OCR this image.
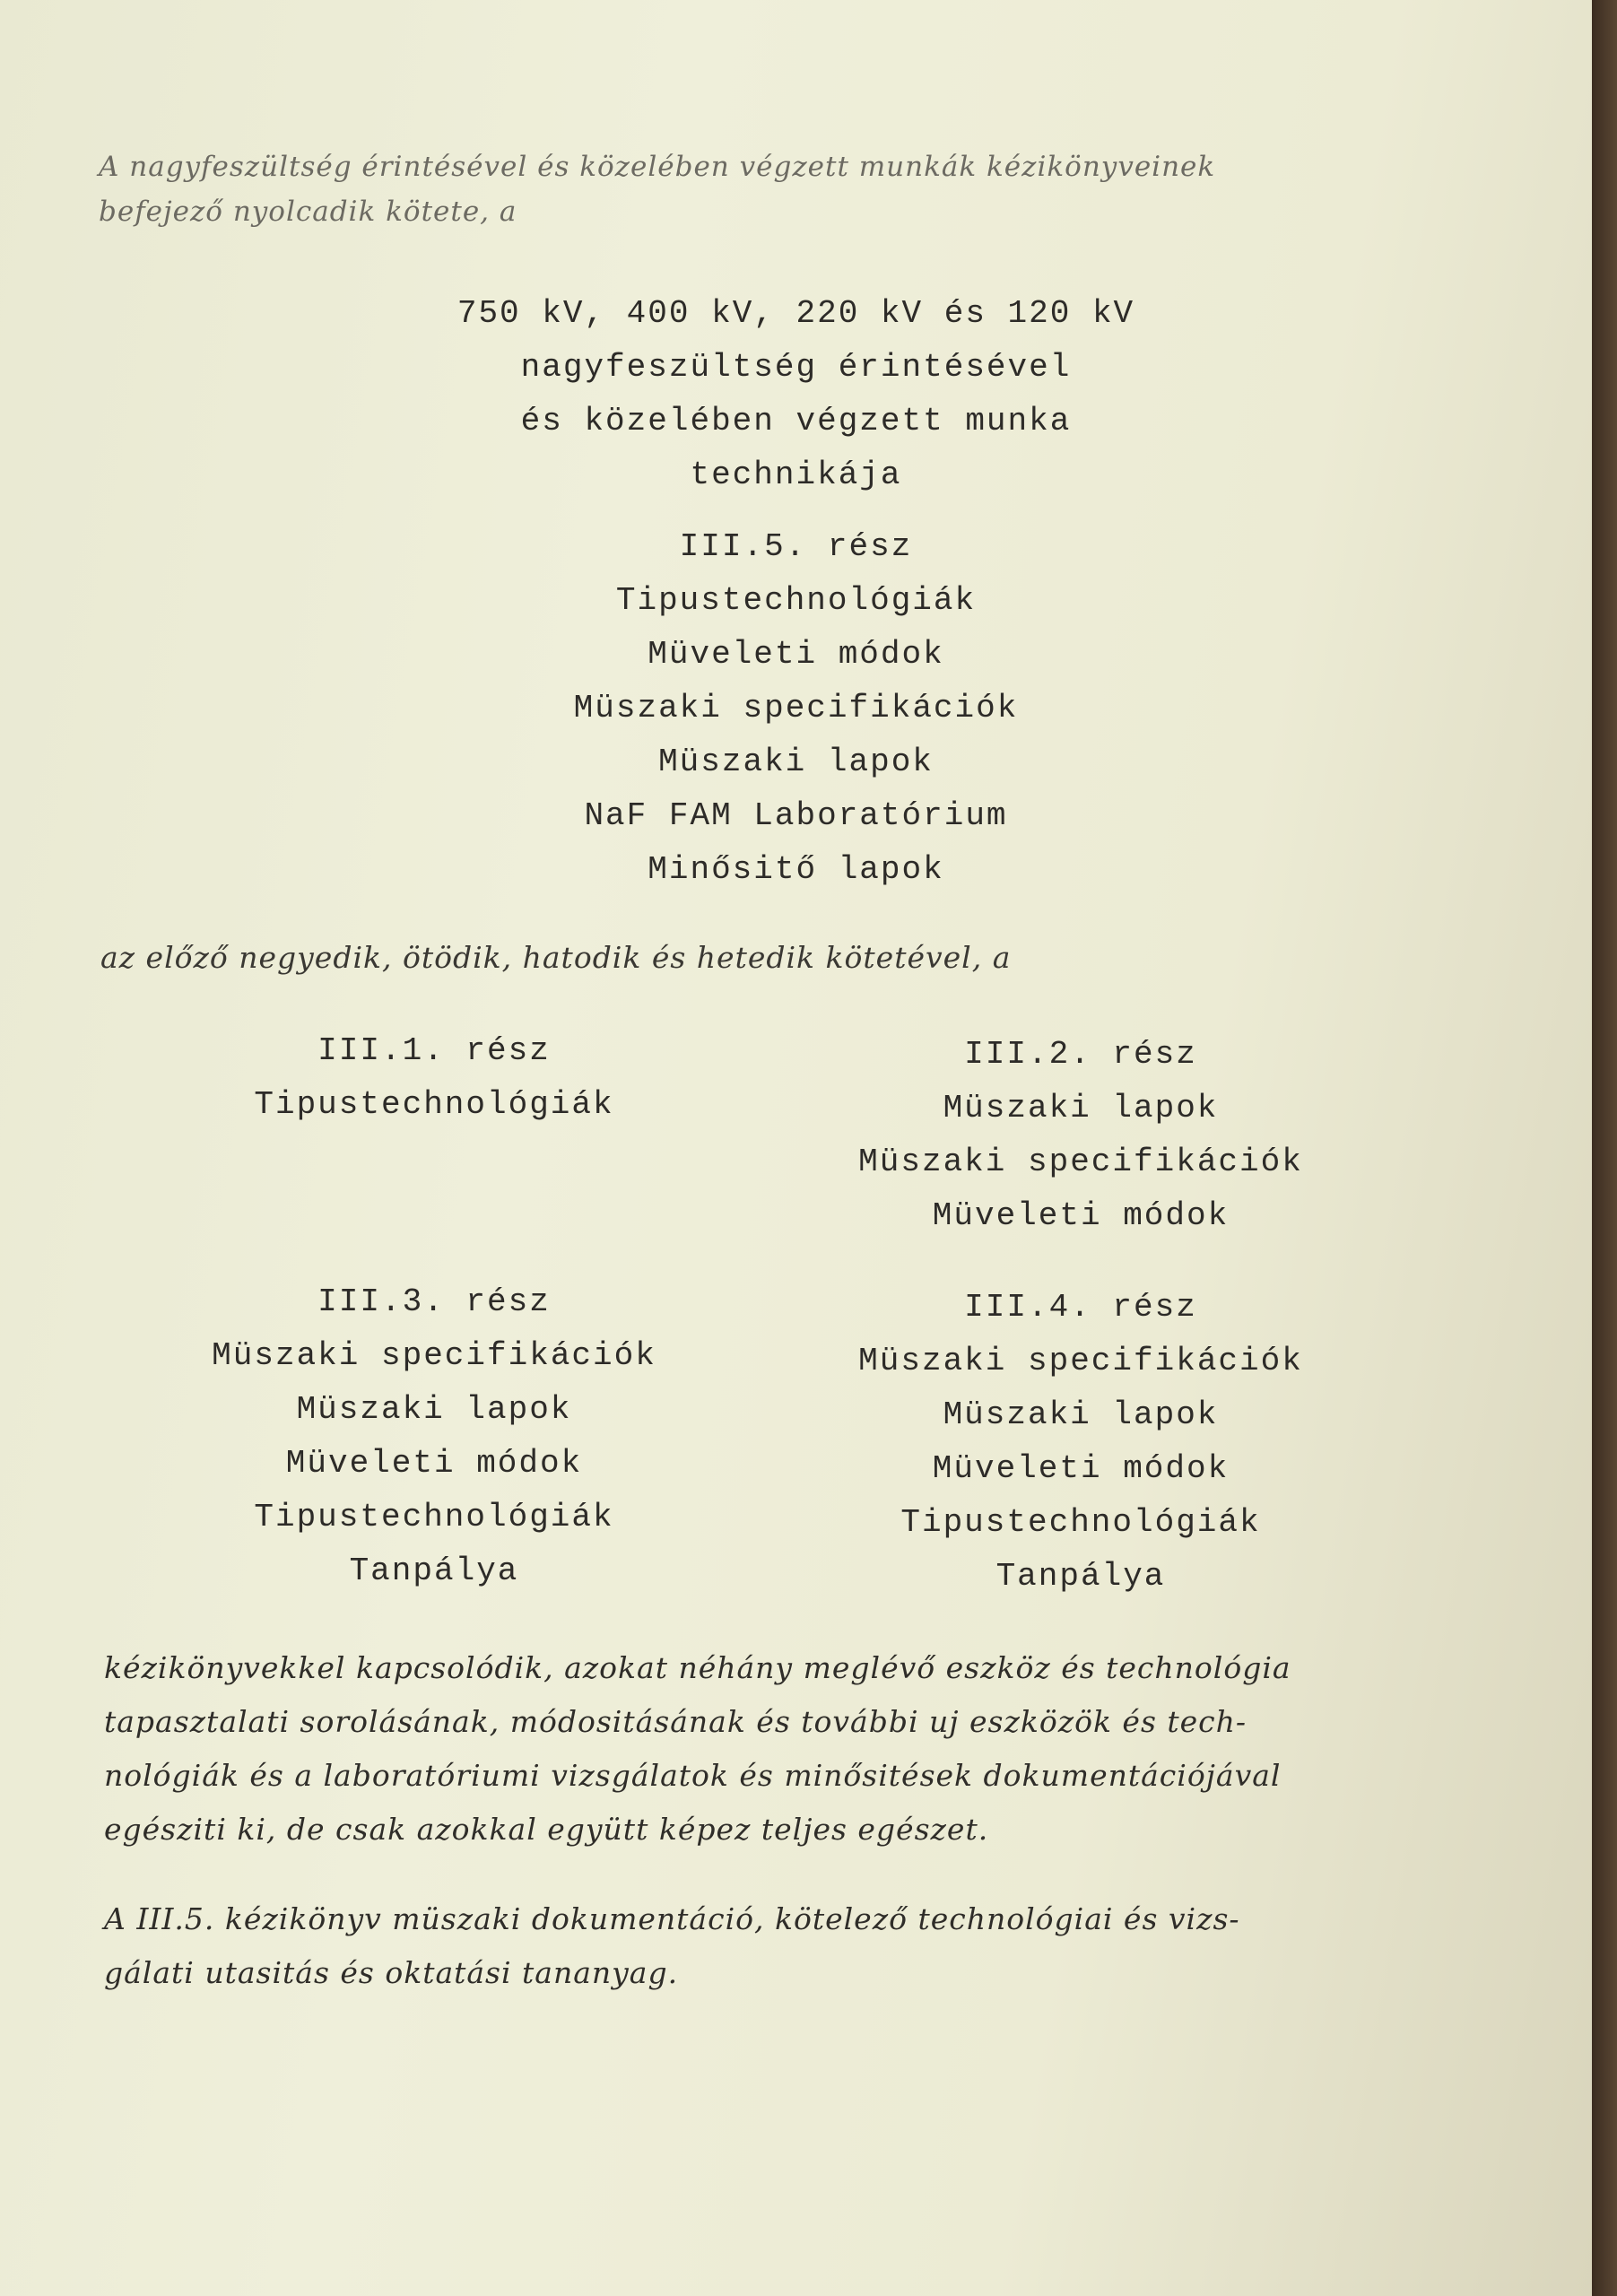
A nagyfeszültség érintésével és közelében végzett munkák kézikönyveinek
befejező nyolcadik kötete, a
750 kV, 400 kV, 220 kV és 120 kV
nagyfeszültség érintésével
és közelében végzett munka
technikája
III.5. rész
Tipustechnológiák
Müveleti módok
Müszaki specifikációk
Müszaki lapok
NaF FAM Laboratórium
Minősitő lapok
az előző negyedik, ötödik, hatodik és hetedik kötetével, a
III.1. rész
Tipustechnológiák
III.2. rész
Müszaki lapok
Müszaki specifikációk
Müveleti módok
III.3. rész
Müszaki specifikációk
Müszaki lapok
Müveleti módok
Tipustechnológiák
Tanpálya
III.4. rész
Müszaki specifikációk
Müszaki lapok
Müveleti módok
Tipustechnológiák
Tanpálya
kézikönyvekkel kapcsolódik, azokat néhány meglévő eszköz és technológia
tapasztalati sorolásának, módositásának és további uj eszközök és tech-
nológiák és a laboratóriumi vizsgálatok és minősitések dokumentációjával
egésziti ki, de csak azokkal együtt képez teljes egészet.
A III.5. kézikönyv müszaki dokumentáció, kötelező technológiai és vizs-
gálati utasitás és oktatási tananyag.
